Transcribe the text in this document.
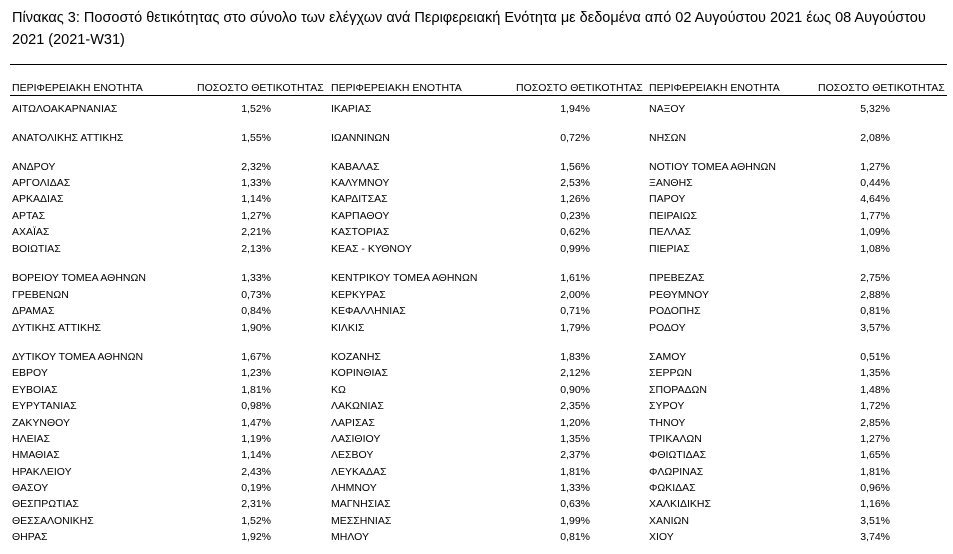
Πίνακας 3: Ποσοστό θετικότητας στο σύνολο των ελέγχων ανά Περιφερειακή Ενότητα με δεδομένα από 02 Αυγούστου 2021 έως 08 Αυγούστου 2021 (2021-W31)
ΠΕΡΙΦΕΡΕΙΑΚΗ ΕΝΟΤΗΤΑ	ΠΟΣΟΣΤΟ ΘΕΤΙΚΟΤΗΤΑΣ
ΑΙΤΩΛΟΑΚΑΡΝΑΝΙΑΣ	1,52%
ΑΝΑΤΟΛΙΚΗΣ ΑΤΤΙΚΗΣ	1,55%
ΑΝΔΡΟΥ	2,32%
ΑΡΓΟΛΙΔΑΣ	1,33%
ΑΡΚΑΔΙΑΣ	1,14%
ΑΡΤΑΣ	1,27%
ΑΧΑΪΑΣ	2,21%
ΒΟΙΩΤΙΑΣ	2,13%
ΒΟΡΕΙΟΥ ΤΟΜΕΑ ΑΘΗΝΩΝ	1,33%
ΓΡΕΒΕΝΩΝ	0,73%
ΔΡΑΜΑΣ	0,84%
ΔΥΤΙΚΗΣ ΑΤΤΙΚΗΣ	1,90%
ΔΥΤΙΚΟΥ ΤΟΜΕΑ ΑΘΗΝΩΝ	1,67%
ΕΒΡΟΥ	1,23%
ΕΥΒΟΙΑΣ	1,81%
ΕΥΡΥΤΑΝΙΑΣ	0,98%
ΖΑΚΥΝΘΟΥ	1,47%
ΗΛΕΙΑΣ	1,19%
ΗΜΑΘΙΑΣ	1,14%
ΗΡΑΚΛΕΙΟΥ	2,43%
ΘΑΣΟΥ	0,19%
ΘΕΣΠΡΩΤΙΑΣ	2,31%
ΘΕΣΣΑΛΟΝΙΚΗΣ	1,52%
ΘΗΡΑΣ	1,92%
ΠΕΡΙΦΕΡΕΙΑΚΗ ΕΝΟΤΗΤΑ	ΠΟΣΟΣΤΟ ΘΕΤΙΚΟΤΗΤΑΣ
ΙΚΑΡΙΑΣ	1,94%
ΙΩΑΝΝΙΝΩΝ	0,72%
ΚΑΒΑΛΑΣ	1,56%
ΚΑΛΥΜΝΟΥ	2,53%
ΚΑΡΔΙΤΣΑΣ	1,26%
ΚΑΡΠΑΘΟΥ	0,23%
ΚΑΣΤΟΡΙΑΣ	0,62%
ΚΕΑΣ - ΚΥΘΝΟΥ	0,99%
ΚΕΝΤΡΙΚΟΥ ΤΟΜΕΑ ΑΘΗΝΩΝ	1,61%
ΚΕΡΚΥΡΑΣ	2,00%
ΚΕΦΑΛΛΗΝΙΑΣ	0,71%
ΚΙΛΚΙΣ	1,79%
ΚΟΖΑΝΗΣ	1,83%
ΚΟΡΙΝΘΙΑΣ	2,12%
ΚΩ	0,90%
ΛΑΚΩΝΙΑΣ	2,35%
ΛΑΡΙΣΑΣ	1,20%
ΛΑΣΙΘΙΟΥ	1,35%
ΛΕΣΒΟΥ	2,37%
ΛΕΥΚΑΔΑΣ	1,81%
ΛΗΜΝΟΥ	1,33%
ΜΑΓΝΗΣΙΑΣ	0,63%
ΜΕΣΣΗΝΙΑΣ	1,99%
ΜΗΛΟΥ	0,81%
ΠΕΡΙΦΕΡΕΙΑΚΗ ΕΝΟΤΗΤΑ	ΠΟΣΟΣΤΟ ΘΕΤΙΚΟΤΗΤΑΣ
ΝΑΞΟΥ	5,32%
ΝΗΣΩΝ	2,08%
ΝΟΤΙΟΥ ΤΟΜΕΑ ΑΘΗΝΩΝ	1,27%
ΞΑΝΘΗΣ	0,44%
ΠΑΡΟΥ	4,64%
ΠΕΙΡΑΙΩΣ	1,77%
ΠΕΛΛΑΣ	1,09%
ΠΙΕΡΙΑΣ	1,08%
ΠΡΕΒΕΖΑΣ	2,75%
ΡΕΘΥΜΝΟΥ	2,88%
ΡΟΔΟΠΗΣ	0,81%
ΡΟΔΟΥ	3,57%
ΣΑΜΟΥ	0,51%
ΣΕΡΡΩΝ	1,35%
ΣΠΟΡΑΔΩΝ	1,48%
ΣΥΡΟΥ	1,72%
ΤΗΝΟΥ	2,85%
ΤΡΙΚΑΛΩΝ	1,27%
ΦΘΙΩΤΙΔΑΣ	1,65%
ΦΛΩΡΙΝΑΣ	1,81%
ΦΩΚΙΔΑΣ	0,96%
ΧΑΛΚΙΔΙΚΗΣ	1,16%
ΧΑΝΙΩΝ	3,51%
ΧΙΟΥ	3,74%
